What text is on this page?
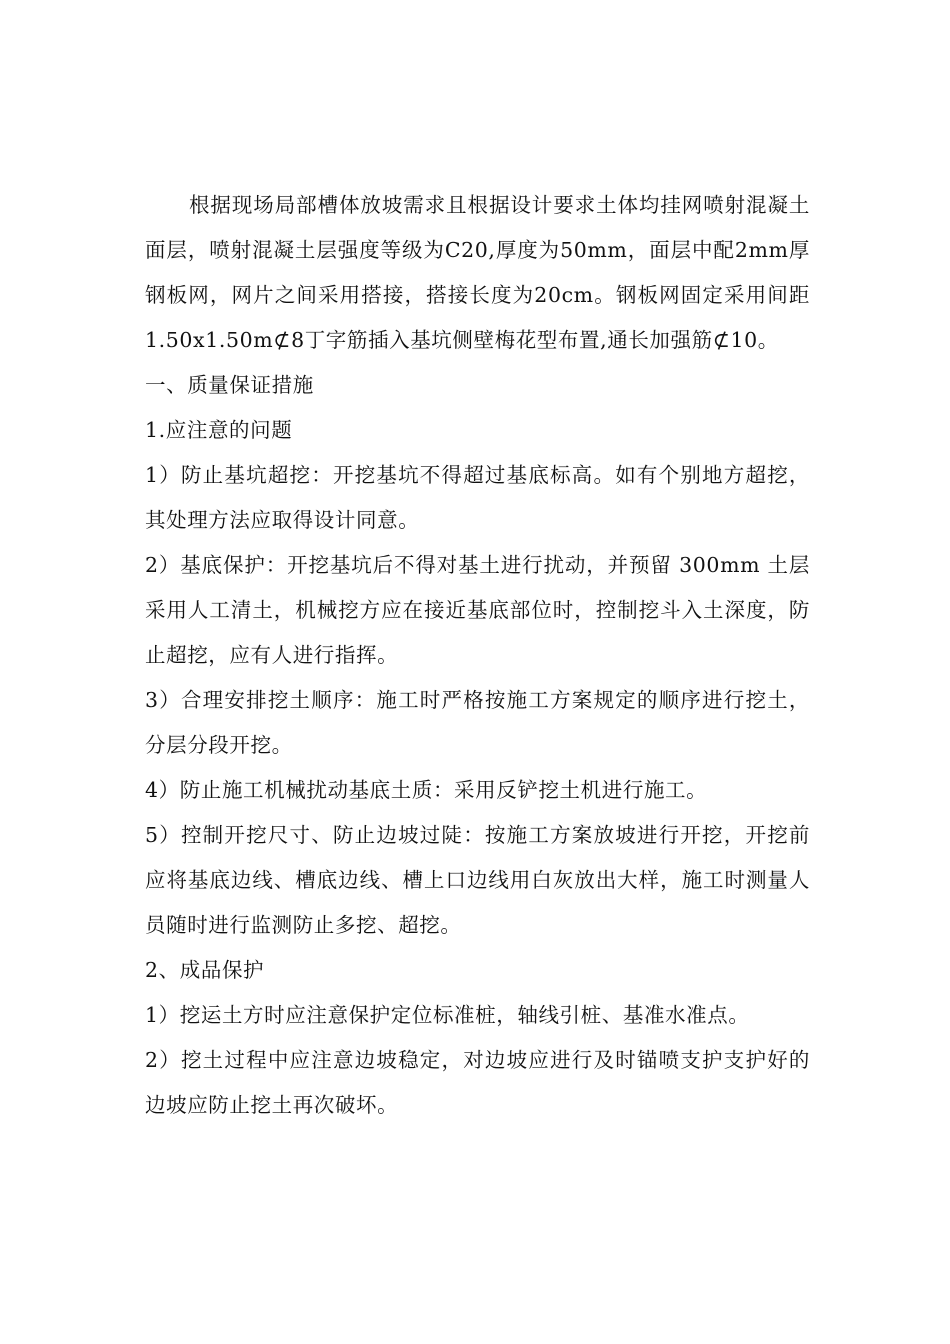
根据现场局部槽体放坡需求且根据设计要求土体均挂网喷射混凝土面层，喷射混凝土层强度等级为C20,厚度为50mm，面层中配2mm厚钢板网，网片之间采用搭接，搭接长度为20cm。钢板网固定采用间距1.50x1.50m⊄8丁字筋插入基坑侧壁梅花型布置,通长加强筋⊄10。

一、质量保证措施

1.应注意的问题

1）防止基坑超挖：开挖基坑不得超过基底标高。如有个别地方超挖，其处理方法应取得设计同意。

2）基底保护：开挖基坑后不得对基土进行扰动，并预留 300mm 土层采用人工清土，机械挖方应在接近基底部位时，控制挖斗入土深度，防止超挖，应有人进行指挥。

3）合理安排挖土顺序：施工时严格按施工方案规定的顺序进行挖土，分层分段开挖。

4）防止施工机械扰动基底土质：采用反铲挖土机进行施工。

5）控制开挖尺寸、防止边坡过陡：按施工方案放坡进行开挖，开挖前应将基底边线、槽底边线、槽上口边线用白灰放出大样，施工时测量人员随时进行监测防止多挖、超挖。

2、成品保护

1）挖运土方时应注意保护定位标准桩，轴线引桩、基准水准点。

2）挖土过程中应注意边坡稳定，对边坡应进行及时锚喷支护支护好的边坡应防止挖土再次破坏。
